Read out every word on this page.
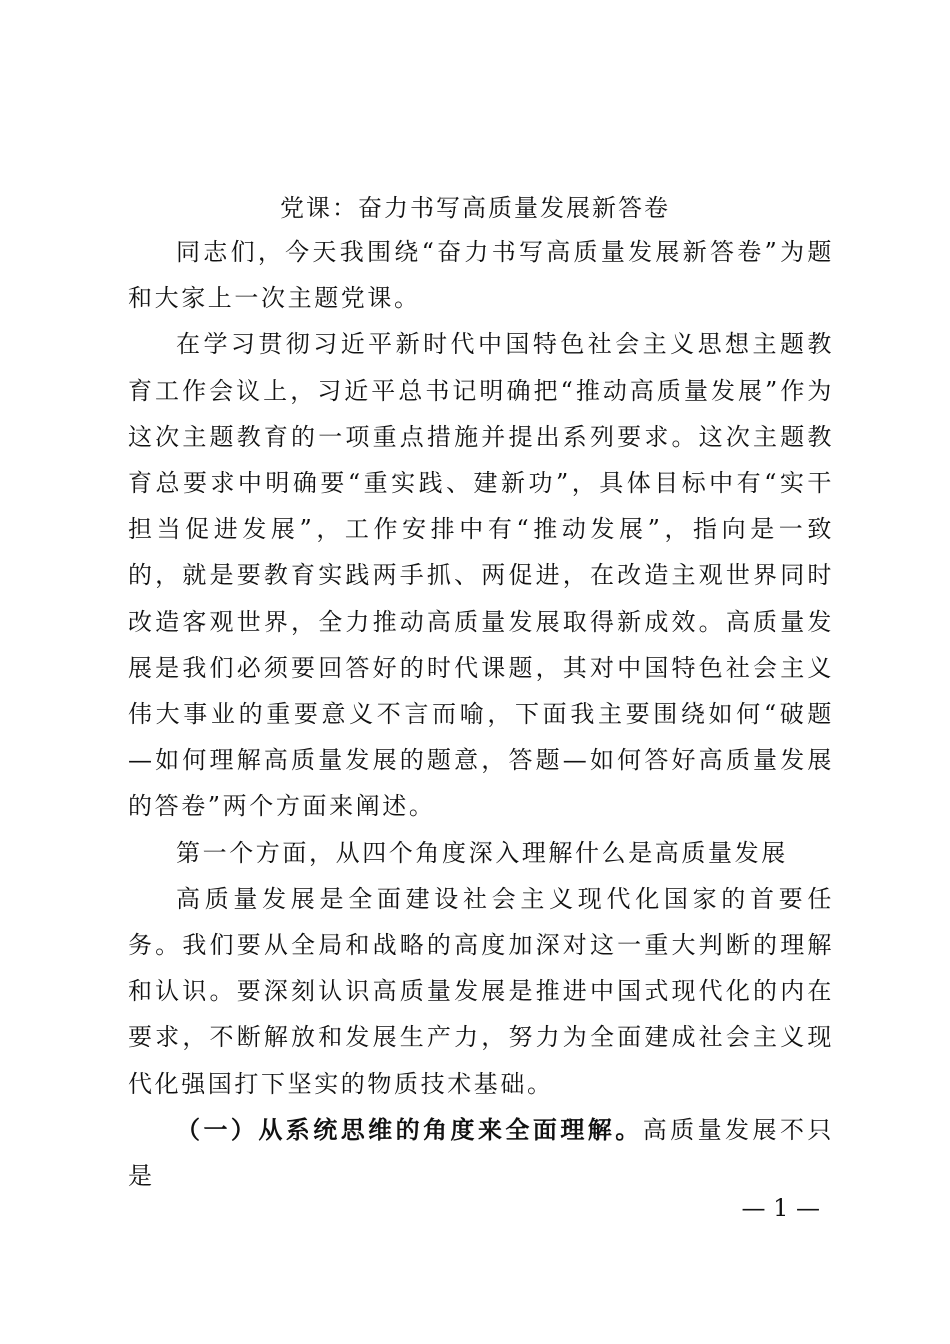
党课：奋力书写高质量发展新答卷

同志们，今天我围绕“奋力书写高质量发展新答卷”为题和大家上一次主题党课。

在学习贯彻习近平新时代中国特色社会主义思想主题教育工作会议上，习近平总书记明确把“推动高质量发展”作为这次主题教育的一项重点措施并提出系列要求。这次主题教育总要求中明确要“重实践、建新功”，具体目标中有“实干担当促进发展”，工作安排中有“推动发展”，指向是一致的，就是要教育实践两手抓、两促进，在改造主观世界同时改造客观世界，全力推动高质量发展取得新成效。高质量发展是我们必须要回答好的时代课题，其对中国特色社会主义伟大事业的重要意义不言而喻，下面我主要围绕如何“破题—如何理解高质量发展的题意，答题—如何答好高质量发展的答卷”两个方面来阐述。

第一个方面，从四个角度深入理解什么是高质量发展

高质量发展是全面建设社会主义现代化国家的首要任务。我们要从全局和战略的高度加深对这一重大判断的理解和认识。要深刻认识高质量发展是推进中国式现代化的内在要求，不断解放和发展生产力，努力为全面建成社会主义现代化强国打下坚实的物质技术基础。

（一）从系统思维的角度来全面理解。高质量发展不只是

— 1 —
